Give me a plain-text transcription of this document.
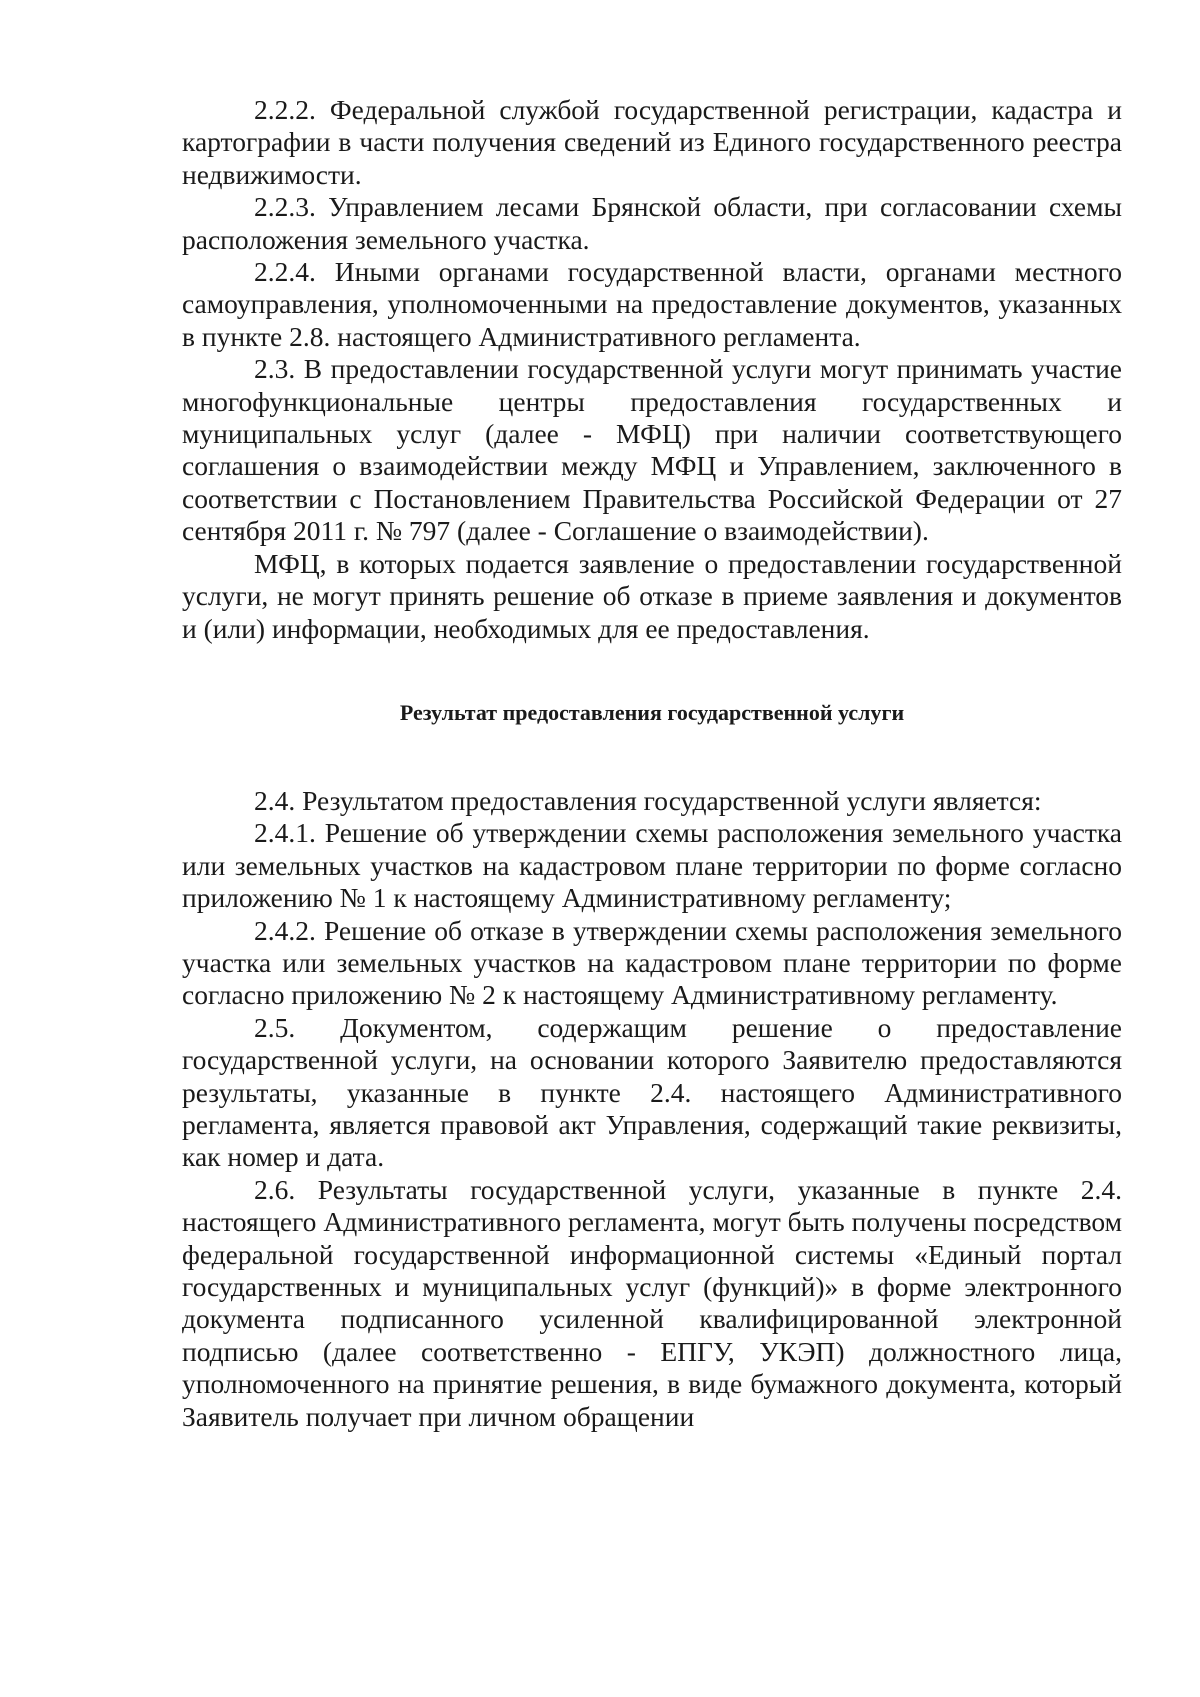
2.2.2. Федеральной службой государственной регистрации, кадастра и картографии в части получения сведений из Единого государственного реестра недвижимости.

2.2.3. Управлением лесами Брянской области, при согласовании схемы расположения земельного участка.

2.2.4. Иными органами государственной власти, органами местного самоуправления, уполномоченными на предоставление документов, указанных в пункте 2.8. настоящего Административного регламента.

2.3. В предоставлении государственной услуги могут принимать участие многофункциональные центры предоставления государственных и муниципальных услуг (далее - МФЦ) при наличии соответствующего соглашения о взаимодействии между МФЦ и Управлением, заключенного в соответствии с Постановлением Правительства Российской Федерации от 27 сентября 2011 г. № 797 (далее - Соглашение о взаимодействии).

МФЦ, в которых подается заявление о предоставлении государственной услуги, не могут принять решение об отказе в приеме заявления и документов и (или) информации, необходимых для ее предоставления.

Результат предоставления государственной услуги

2.4. Результатом предоставления государственной услуги является:

2.4.1. Решение об утверждении схемы расположения земельного участка или земельных участков на кадастровом плане территории по форме согласно приложению № 1 к настоящему Административному регламенту;

2.4.2. Решение об отказе в утверждении схемы расположения земельного участка или земельных участков на кадастровом плане территории по форме согласно приложению № 2 к настоящему Административному регламенту.

2.5. Документом, содержащим решение о предоставление государственной услуги, на основании которого Заявителю предоставляются результаты, указанные в пункте 2.4. настоящего Административного регламента, является правовой акт Управления, содержащий такие реквизиты, как номер и дата.

2.6. Результаты государственной услуги, указанные в пункте 2.4. настоящего Административного регламента, могут быть получены посредством федеральной государственной информационной системы «Единый портал государственных и муниципальных услуг (функций)» в форме электронного документа подписанного усиленной квалифицированной электронной подписью (далее соответственно - ЕПГУ, УКЭП) должностного лица, уполномоченного на принятие решения, в виде бумажного документа, который Заявитель получает при личном обращении
